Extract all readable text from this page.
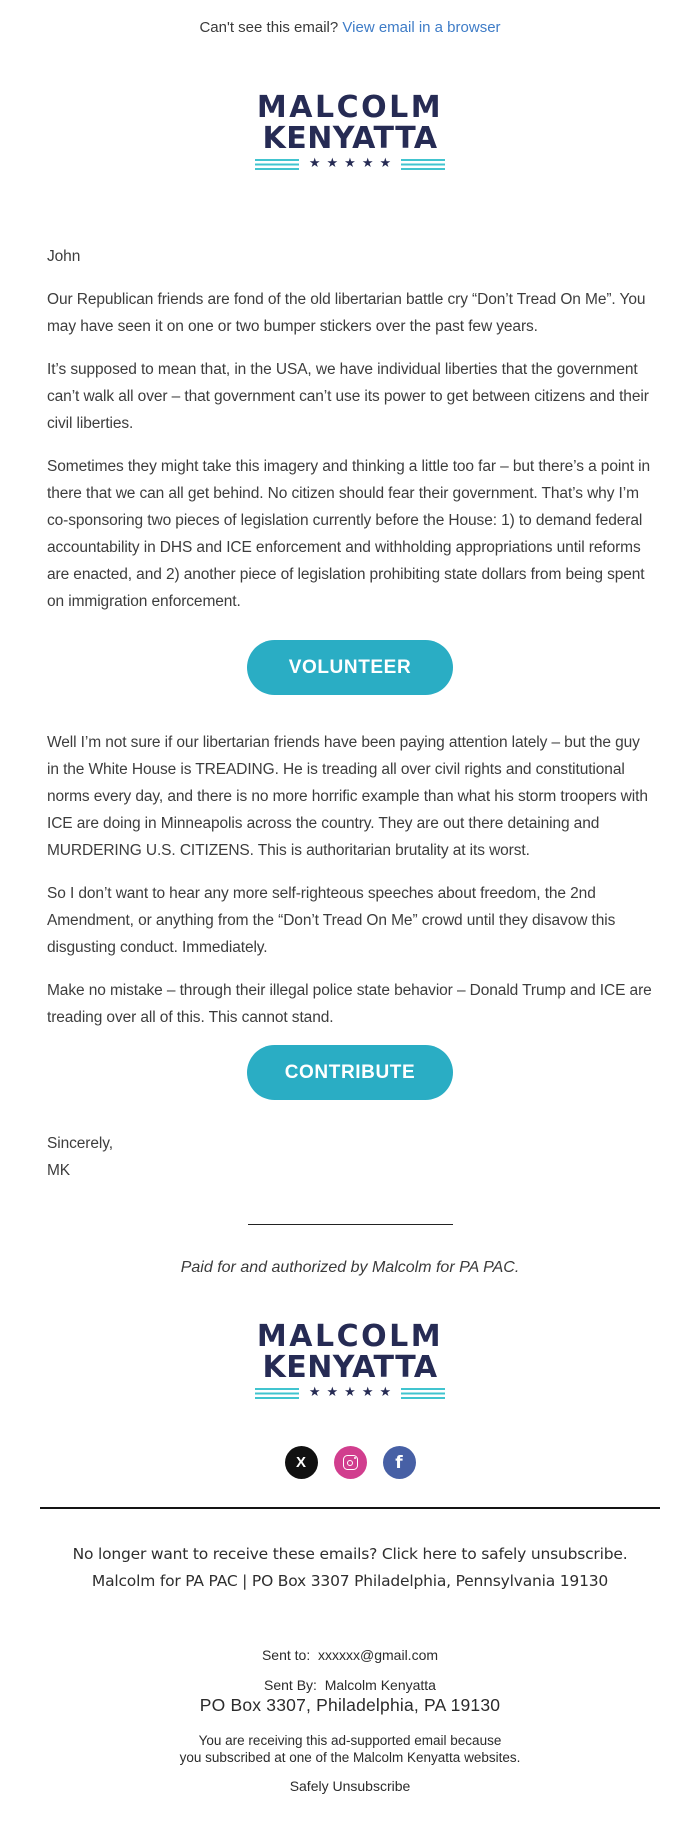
Can't see this email? View email in a browser
MALCOLM
KENYATTA
★★★★★
John

Our Republican friends are fond of the old libertarian battle cry “Don’t Tread On Me”. You may have seen it on one or two bumper stickers over the past few years.

It’s supposed to mean that, in the USA, we have individual liberties that the government can’t walk all over – that government can’t use its power to get between citizens and their civil liberties.

Sometimes they might take this imagery and thinking a little too far – but there’s a point in there that we can all get behind. No citizen should fear their government. That’s why I’m co-sponsoring two pieces of legislation currently before the House: 1) to demand federal accountability in DHS and ICE enforcement and withholding appropriations until reforms are enacted, and 2) another piece of legislation prohibiting state dollars from being spent on immigration enforcement.

VOLUNTEER

Well I’m not sure if our libertarian friends have been paying attention lately – but the guy in the White House is TREADING. He is treading all over civil rights and constitutional norms every day, and there is no more horrific example than what his storm troopers with ICE are doing in Minneapolis across the country. They are out there detaining and MURDERING U.S. CITIZENS. This is authoritarian brutality at its worst.

So I don’t want to hear any more self-righteous speeches about freedom, the 2nd Amendment, or anything from the “Don’t Tread On Me” crowd until they disavow this disgusting conduct. Immediately.

Make no mistake – through their illegal police state behavior – Donald Trump and ICE are treading over all of this. This cannot stand.

CONTRIBUTE
Sincerely,
MK
Paid for and authorized by Malcolm for PA PAC.
MALCOLM
KENYATTA
★★★★★
X	f
No longer want to receive these emails? Click here to safely unsubscribe.
Malcolm for PA PAC | PO Box 3307 Philadelphia, Pennsylvania 19130
Sent to: xxxxxx@gmail.com
Sent By: Malcolm Kenyatta
PO Box 3307, Philadelphia, PA 19130
You are receiving this ad-supported email because
you subscribed at one of the Malcolm Kenyatta websites.
Safely Unsubscribe
